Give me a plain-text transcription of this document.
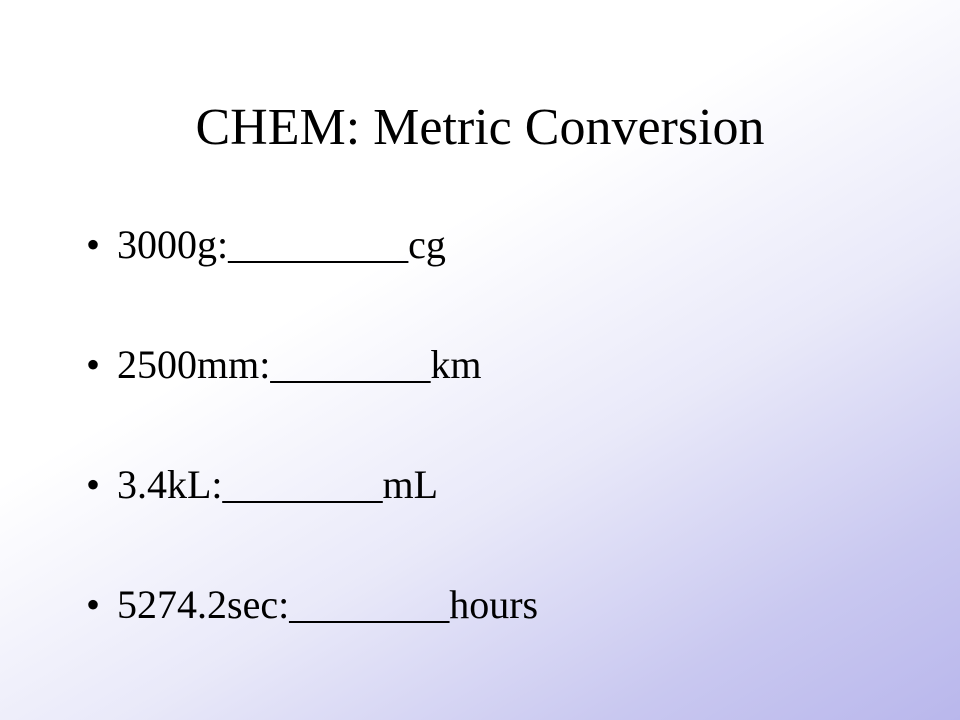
CHEM: Metric Conversion
• 3000g:_________cg
• 2500mm:________km
• 3.4kL:________mL
• 5274.2sec:________hours
